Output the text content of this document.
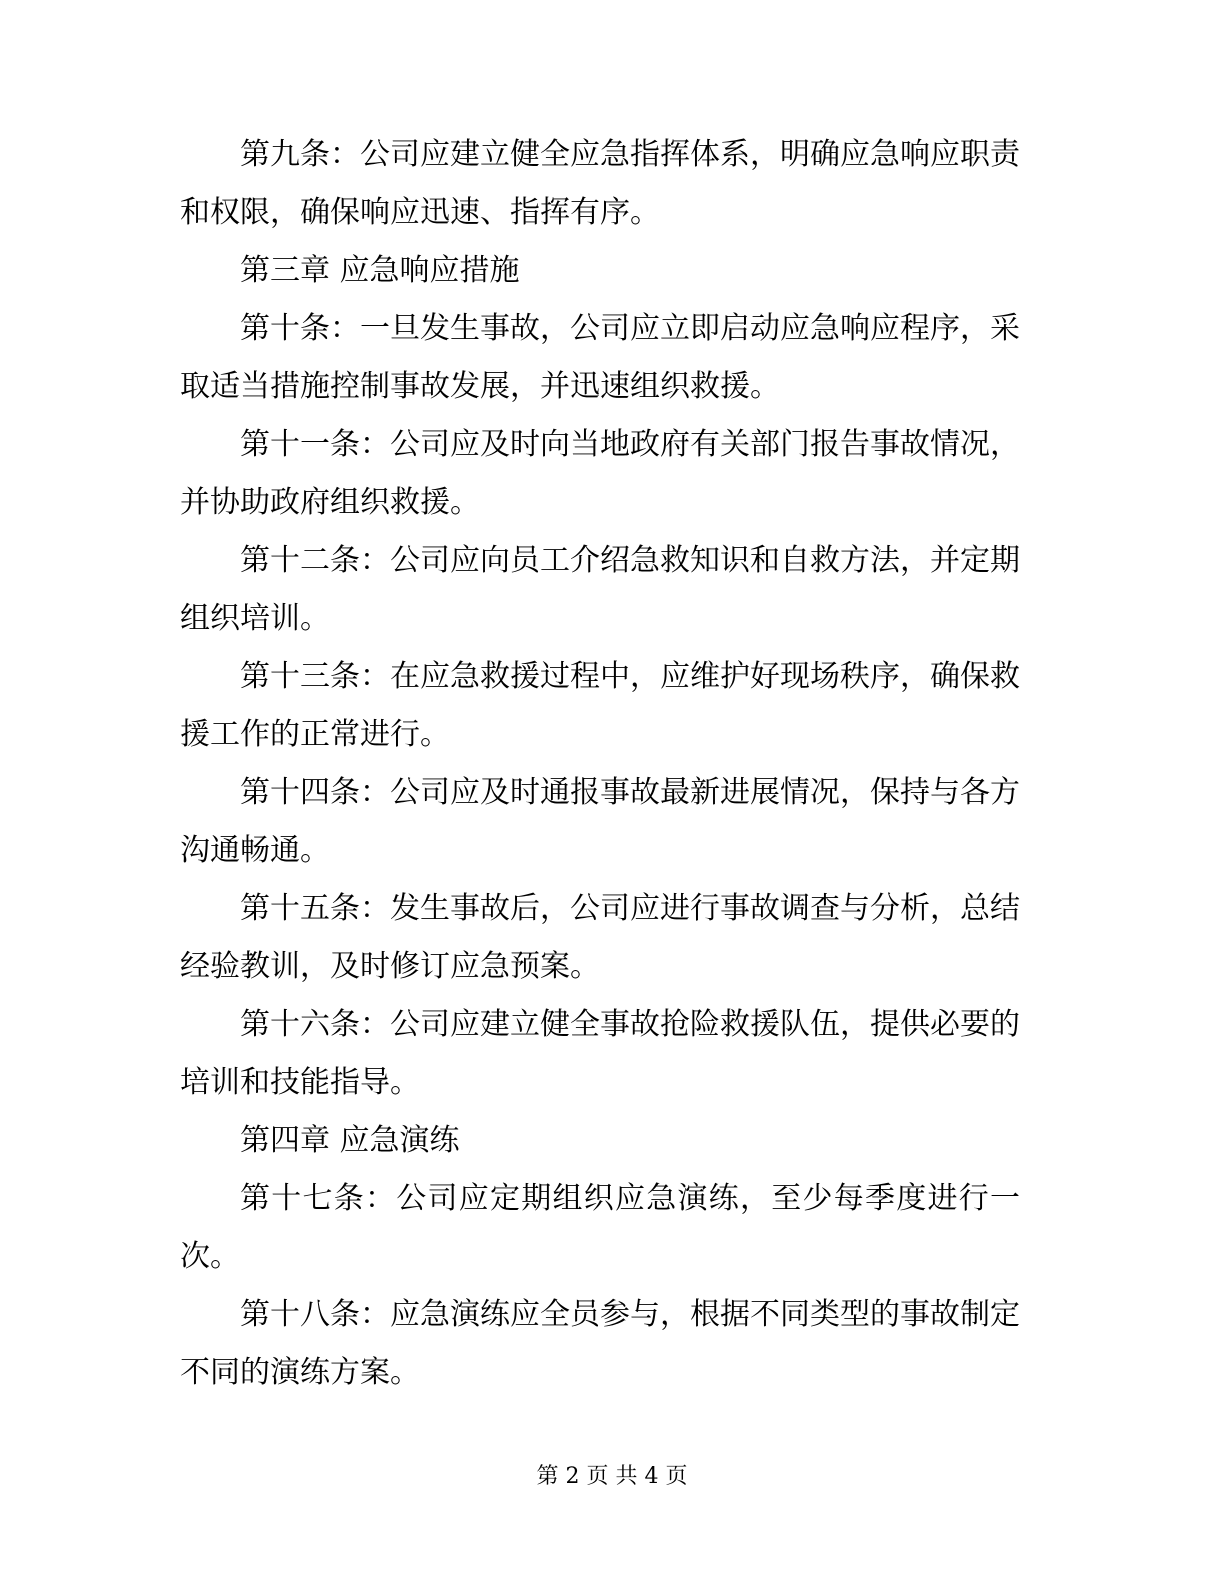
第九条：公司应建立健全应急指挥体系，明确应急响应职责和权限，确保响应迅速、指挥有序。

第三章 应急响应措施

第十条：一旦发生事故，公司应立即启动应急响应程序，采取适当措施控制事故发展，并迅速组织救援。

第十一条：公司应及时向当地政府有关部门报告事故情况，并协助政府组织救援。

第十二条：公司应向员工介绍急救知识和自救方法，并定期组织培训。

第十三条：在应急救援过程中，应维护好现场秩序，确保救援工作的正常进行。

第十四条：公司应及时通报事故最新进展情况，保持与各方沟通畅通。

第十五条：发生事故后，公司应进行事故调查与分析，总结经验教训，及时修订应急预案。

第十六条：公司应建立健全事故抢险救援队伍，提供必要的培训和技能指导。

第四章 应急演练

第十七条：公司应定期组织应急演练，至少每季度进行一次。

第十八条：应急演练应全员参与，根据不同类型的事故制定不同的演练方案。

第 2 页 共 4 页
